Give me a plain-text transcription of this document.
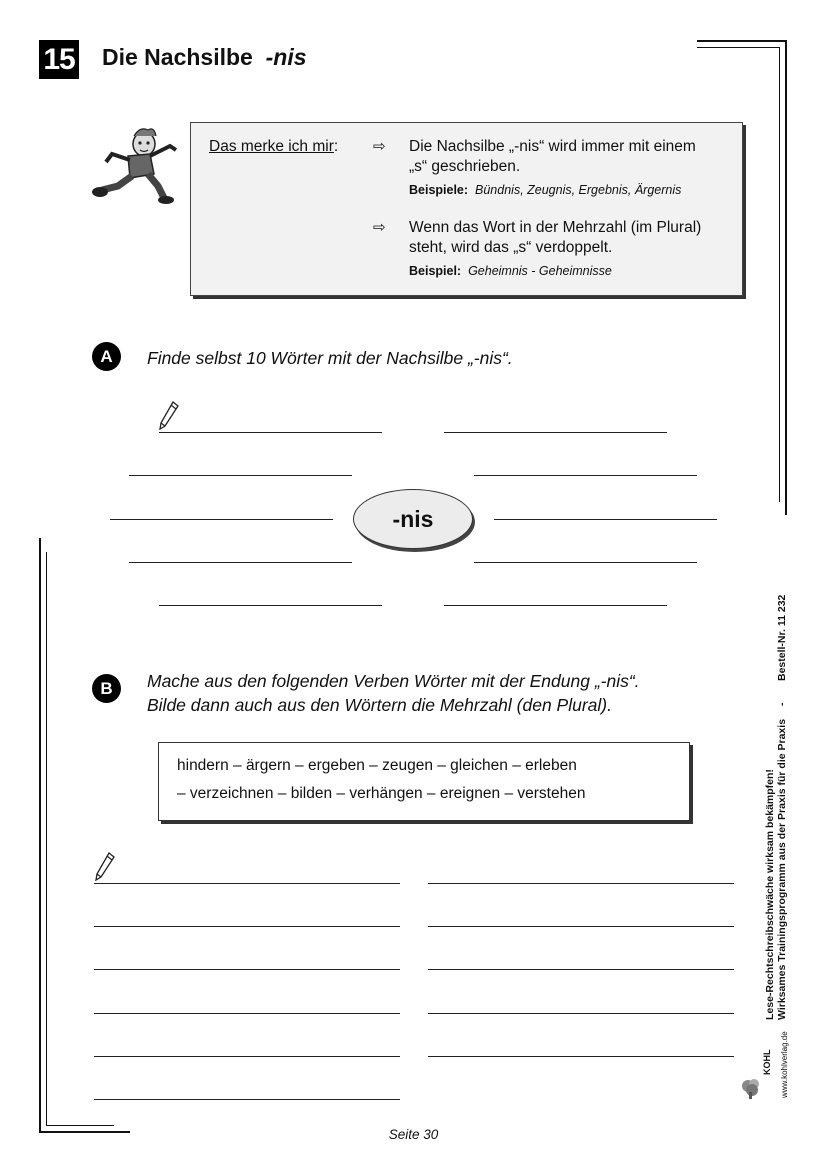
15 Die Nachsilbe -nis
Das merke ich mir: ⇨ Die Nachsilbe „-nis“ wird immer mit einem
„s“ geschrieben.
Beispiele: Bündnis, Zeugnis, Ergebnis, Ärgernis
⇨ Wenn das Wort in der Mehrzahl (im Plural)
steht, wird das „s“ verdoppelt.
Beispiel: Geheimnis - Geheimnisse
A	Finde selbst 10 Wörter mit der Nachsilbe „-nis“.
-nis
B	Mache aus den folgenden Verben Wörter mit der Endung „-nis“.
Bilde dann auch aus den Wörtern die Mehrzahl (den Plural).
hindern – ärgern – ergeben – zeugen – gleichen – erleben
– verzeichnen – bilden – verhängen – ereignen – verstehen
Seite 30
Bestell-Nr. 11 232
-
Wirksames Trainingsprogramm aus der Praxis für die Praxis
Lese-Rechtschreibschwäche wirksam bekämpfen!
KOHL www.kohlverlag.de
